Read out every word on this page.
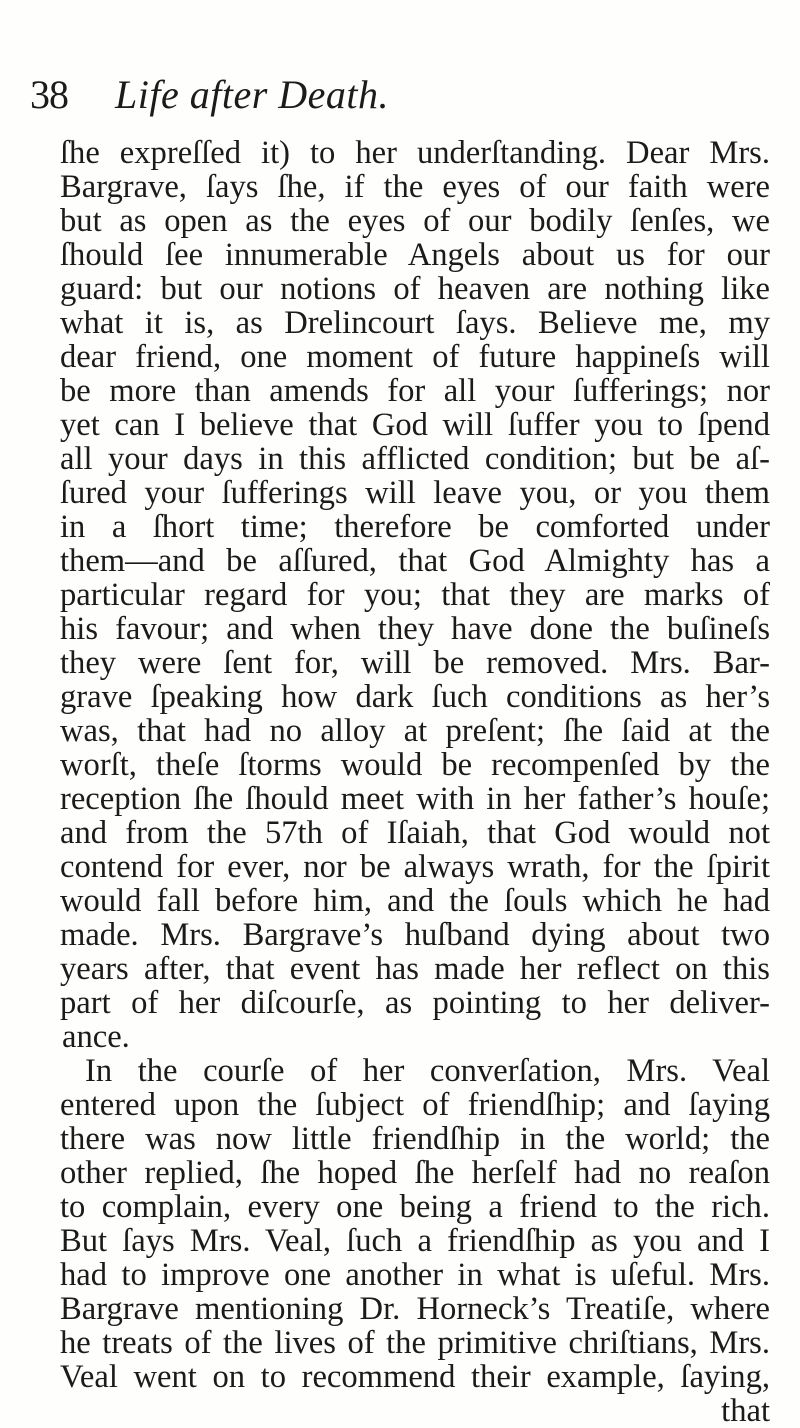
38 Life after Death.
ſhe expreſſed it) to her underſtanding. Dear Mrs.
Bargrave, ſays ſhe, if the eyes of our faith were
but as open as the eyes of our bodily ſenſes, we
ſhould ſee innumerable Angels about us for our
guard: but our notions of heaven are nothing like
what it is, as Drelincourt ſays. Believe me, my
dear friend, one moment of future happineſs will
be more than amends for all your ſufferings; nor
yet can I believe that God will ſuffer you to ſpend
all your days in this afflicted condition; but be aſ-
ſured your ſufferings will leave you, or you them
in a ſhort time; therefore be comforted under
them—and be aſſured, that God Almighty has a
particular regard for you; that they are marks of
his favour; and when they have done the buſineſs
they were ſent for, will be removed. Mrs. Bar-
grave ſpeaking how dark ſuch conditions as her’s
was, that had no alloy at preſent; ſhe ſaid at the
worſt, theſe ſtorms would be recompenſed by the
reception ſhe ſhould meet with in her father’s houſe;
and from the 57th of Iſaiah, that God would not
contend for ever, nor be always wrath, for the ſpirit
would fall before him, and the ſouls which he had
made. Mrs. Bargrave’s huſband dying about two
years after, that event has made her reflect on this
part of her diſcourſe, as pointing to her deliver-
ance.
In the courſe of her converſation, Mrs. Veal
entered upon the ſubject of friendſhip; and ſaying
there was now little friendſhip in the world; the
other replied, ſhe hoped ſhe herſelf had no reaſon
to complain, every one being a friend to the rich.
But ſays Mrs. Veal, ſuch a friendſhip as you and I
had to improve one another in what is uſeful. Mrs.
Bargrave mentioning Dr. Horneck’s Treatiſe, where
he treats of the lives of the primitive chriſtians, Mrs.
Veal went on to recommend their example, ſaying,
that
